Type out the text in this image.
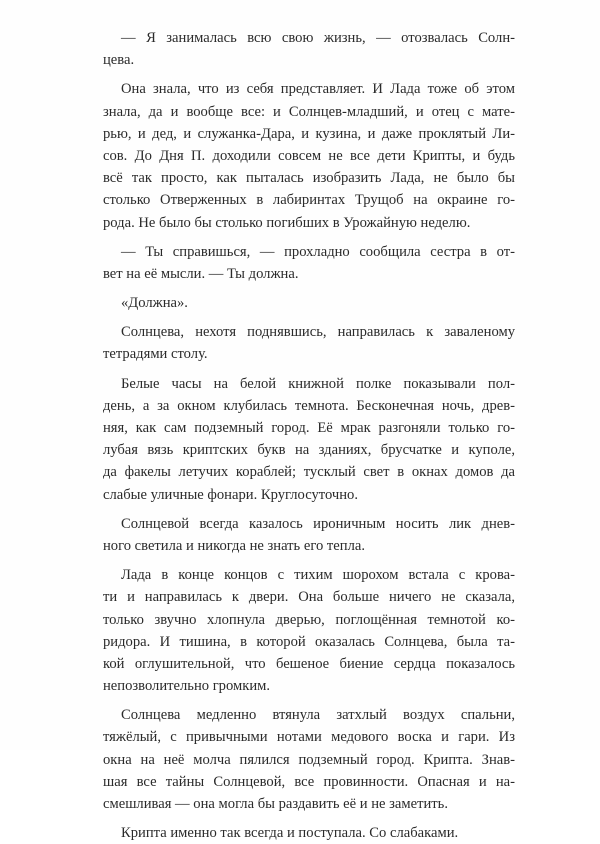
— Я занималась всю свою жизнь, — отозвалась Солн-
цева.
Она знала, что из себя представляет. И Лада тоже об этом
знала, да и вообще все: и Солнцев-младший, и отец с мате-
рью, и дед, и служанка-Дара, и кузина, и даже проклятый Ли-
сов. До Дня П. доходили совсем не все дети Крипты, и будь
всё так просто, как пыталась изобразить Лада, не было бы
столько Отверженных в лабиринтах Трущоб на окраине го-
рода. Не было бы столько погибших в Урожайную неделю.
— Ты справишься, — прохладно сообщила сестра в от-
вет на её мысли. — Ты должна.
«Должна».
Солнцева, нехотя поднявшись, направилась к заваленому
тетрадями столу.
Белые часы на белой книжной полке показывали пол-
день, а за окном клубилась темнота. Бесконечная ночь, древ-
няя, как сам подземный город. Её мрак разгоняли только го-
лубая вязь криптских букв на зданиях, брусчатке и куполе,
да факелы летучих кораблей; тусклый свет в окнах домов да
слабые уличные фонари. Круглосуточно.
Солнцевой всегда казалось ироничным носить лик днев-
ного светила и никогда не знать его тепла.
Лада в конце концов с тихим шорохом встала с крова-
ти и направилась к двери. Она больше ничего не сказала,
только звучно хлопнула дверью, поглощённая темнотой ко-
ридора. И тишина, в которой оказалась Солнцева, была та-
кой оглушительной, что бешеное биение сердца показалось
непозволительно громким.
Солнцева медленно втянула затхлый воздух спальни,
тяжёлый, с привычными нотами медового воска и гари. Из
окна на неё молча пялился подземный город. Крипта. Знав-
шая все тайны Солнцевой, все провинности. Опасная и на-
смешливая — она могла бы раздавить её и не заметить.
Крипта именно так всегда и поступала. Со слабаками.
